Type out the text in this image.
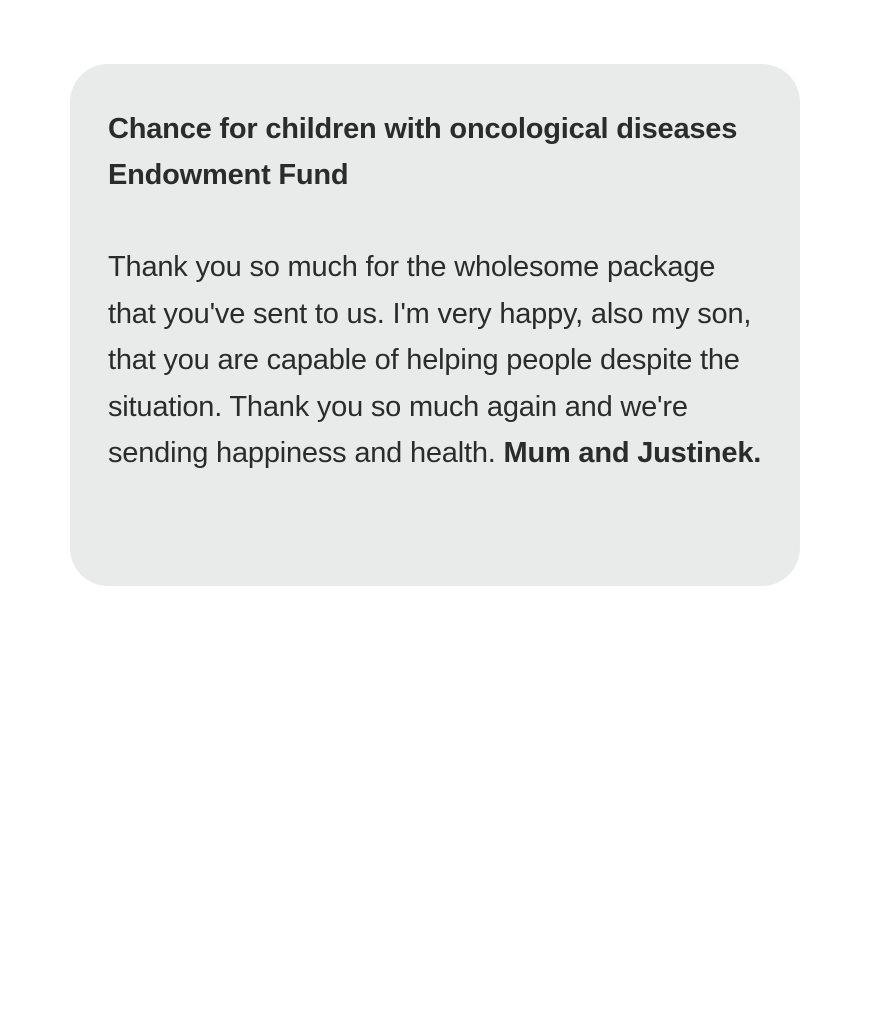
Chance for children with oncological diseases Endowment Fund

Thank you so much for the wholesome package that you've sent to us. I'm very happy, also my son, that you are capable of helping people despite the situation. Thank you so much again and we're sending happiness and health. Mum and Justinek.
